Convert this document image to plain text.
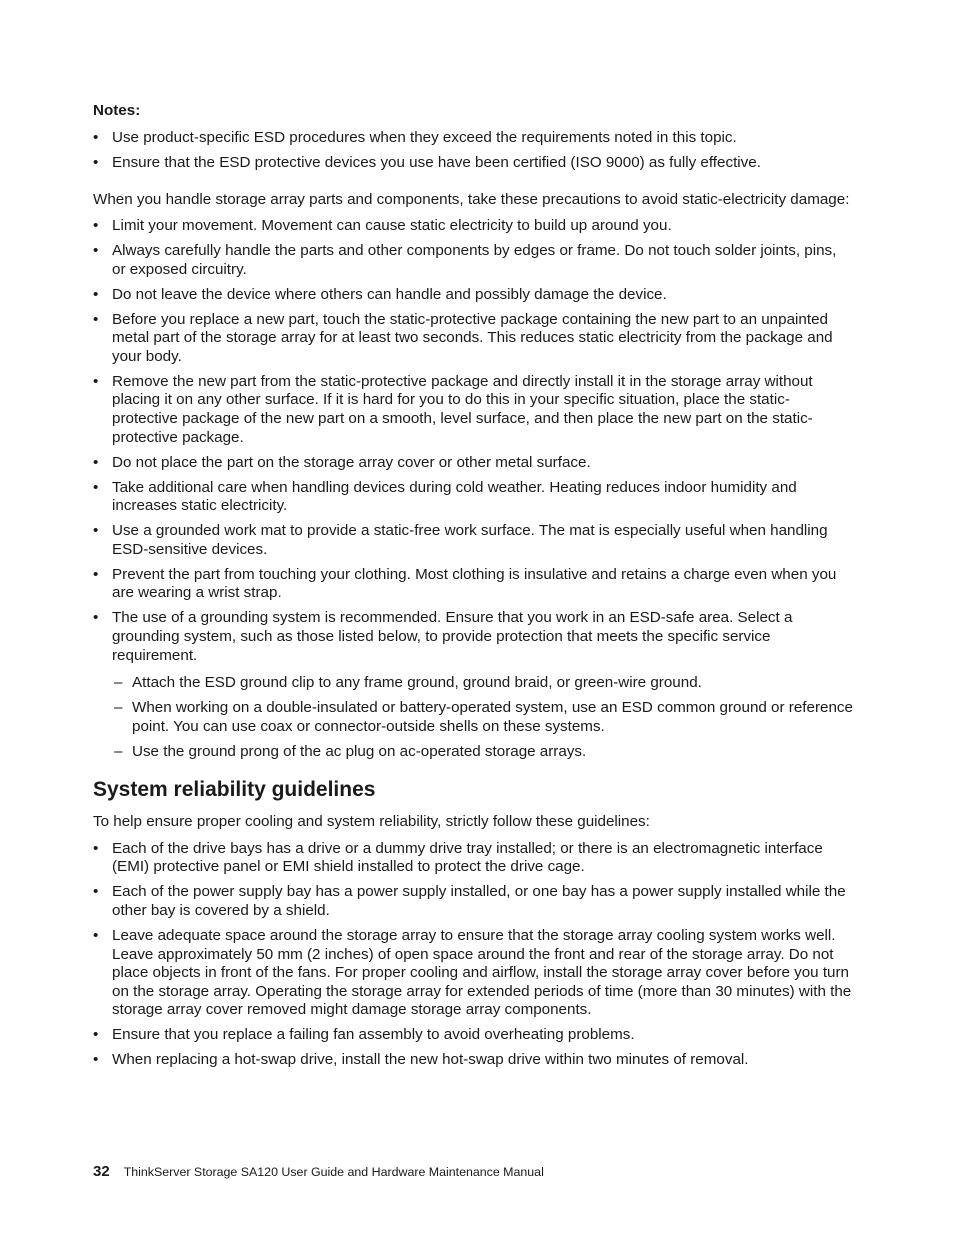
Notes:
• Use product-specific ESD procedures when they exceed the requirements noted in this topic.
• Ensure that the ESD protective devices you use have been certified (ISO 9000) as fully effective.

When you handle storage array parts and components, take these precautions to avoid static-electricity damage:

• Limit your movement. Movement can cause static electricity to build up around you.
• Always carefully handle the parts and other components by edges or frame. Do not touch solder joints, pins, or exposed circuitry.
• Do not leave the device where others can handle and possibly damage the device.
• Before you replace a new part, touch the static-protective package containing the new part to an unpainted metal part of the storage array for at least two seconds. This reduces static electricity from the package and your body.
• Remove the new part from the static-protective package and directly install it in the storage array without placing it on any other surface. If it is hard for you to do this in your specific situation, place the static-protective package of the new part on a smooth, level surface, and then place the new part on the static-protective package.
• Do not place the part on the storage array cover or other metal surface.
• Take additional care when handling devices during cold weather. Heating reduces indoor humidity and increases static electricity.
• Use a grounded work mat to provide a static-free work surface. The mat is especially useful when handling ESD-sensitive devices.
• Prevent the part from touching your clothing. Most clothing is insulative and retains a charge even when you are wearing a wrist strap.
• The use of a grounding system is recommended. Ensure that you work in an ESD-safe area. Select a grounding system, such as those listed below, to provide protection that meets the specific service requirement.
– Attach the ESD ground clip to any frame ground, ground braid, or green-wire ground.
– When working on a double-insulated or battery-operated system, use an ESD common ground or reference point. You can use coax or connector-outside shells on these systems.
– Use the ground prong of the ac plug on ac-operated storage arrays.
System reliability guidelines

To help ensure proper cooling and system reliability, strictly follow these guidelines:

• Each of the drive bays has a drive or a dummy drive tray installed; or there is an electromagnetic interface (EMI) protective panel or EMI shield installed to protect the drive cage.
• Each of the power supply bay has a power supply installed, or one bay has a power supply installed while the other bay is covered by a shield.
• Leave adequate space around the storage array to ensure that the storage array cooling system works well. Leave approximately 50 mm (2 inches) of open space around the front and rear of the storage array. Do not place objects in front of the fans. For proper cooling and airflow, install the storage array cover before you turn on the storage array. Operating the storage array for extended periods of time (more than 30 minutes) with the storage array cover removed might damage storage array components.
• Ensure that you replace a failing fan assembly to avoid overheating problems.
• When replacing a hot-swap drive, install the new hot-swap drive within two minutes of removal.
32 ThinkServer Storage SA120 User Guide and Hardware Maintenance Manual
